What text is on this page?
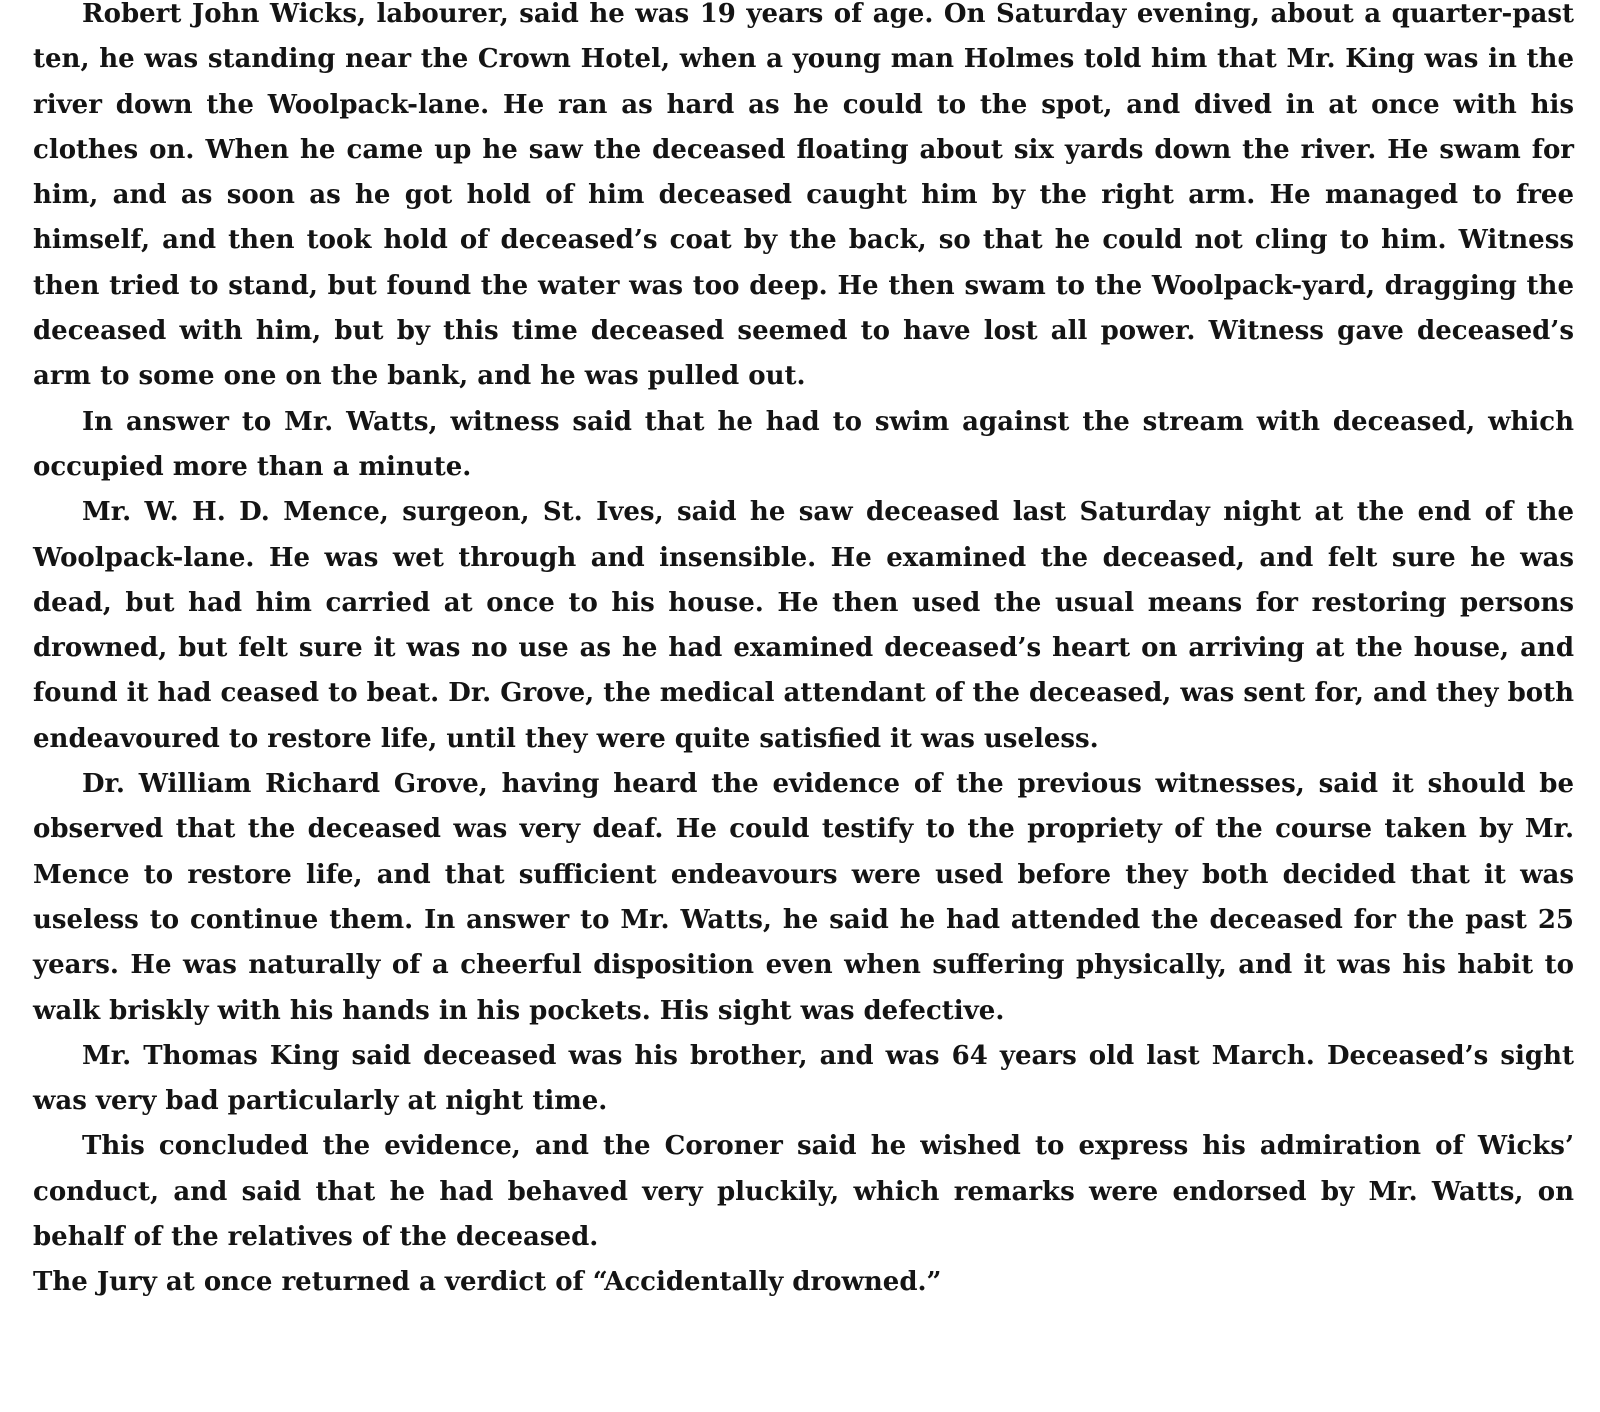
Robert John Wicks, labourer, said he was 19 years of age. On Saturday evening, about a quarter-past ten, he was standing near the Crown Hotel, when a young man Holmes told him that Mr. King was in the river down the Woolpack-lane. He ran as hard as he could to the spot, and dived in at once with his clothes on. When he came up he saw the deceased floating about six yards down the river. He swam for him, and as soon as he got hold of him deceased caught him by the right arm. He managed to free himself, and then took hold of deceased’s coat by the back, so that he could not cling to him. Witness then tried to stand, but found the water was too deep. He then swam to the Woolpack-yard, dragging the deceased with him, but by this time deceased seemed to have lost all power. Witness gave deceased’s arm to some one on the bank, and he was pulled out.

In answer to Mr. Watts, witness said that he had to swim against the stream with deceased, which occupied more than a minute.

Mr. W. H. D. Mence, surgeon, St. Ives, said he saw deceased last Saturday night at the end of the Woolpack-lane. He was wet through and insensible. He examined the deceased, and felt sure he was dead, but had him carried at once to his house. He then used the usual means for restoring persons drowned, but felt sure it was no use as he had examined deceased’s heart on arriving at the house, and found it had ceased to beat. Dr. Grove, the medical attendant of the deceased, was sent for, and they both endeavoured to restore life, until they were quite satisfied it was useless.

Dr. William Richard Grove, having heard the evidence of the previous witnesses, said it should be observed that the deceased was very deaf. He could testify to the propriety of the course taken by Mr. Mence to restore life, and that sufficient endeavours were used before they both decided that it was useless to continue them. In answer to Mr. Watts, he said he had attended the deceased for the past 25 years. He was naturally of a cheerful disposition even when suffering physically, and it was his habit to walk briskly with his hands in his pockets. His sight was defective.

Mr. Thomas King said deceased was his brother, and was 64 years old last March. Deceased’s sight was very bad particularly at night time.

This concluded the evidence, and the Coroner said he wished to express his admiration of Wicks’ conduct, and said that he had behaved very pluckily, which remarks were endorsed by Mr. Watts, on behalf of the relatives of the deceased.

The Jury at once returned a verdict of “Accidentally drowned.”
